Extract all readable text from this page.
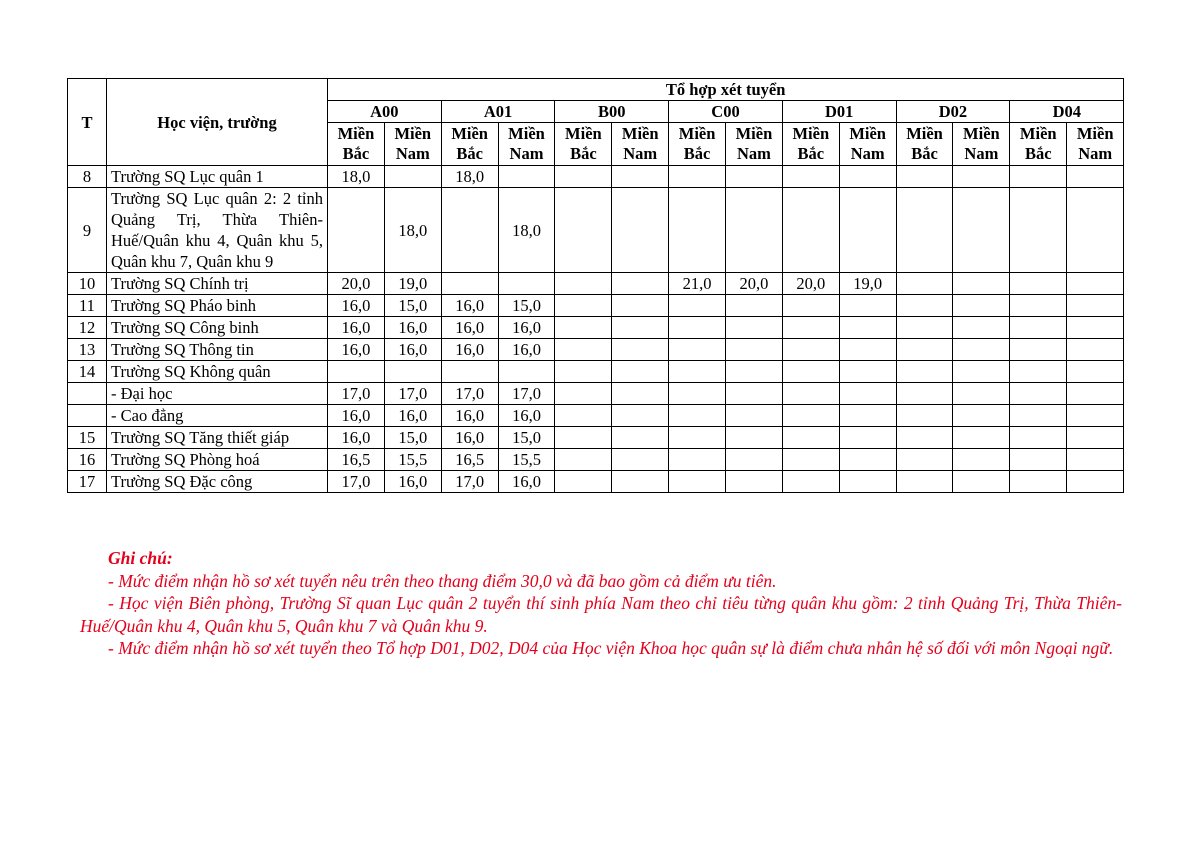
T	Học viện, trường	Tổ hợp xét tuyển													
		A00		A01		B00		C00		D01		D02		D04	
		Miền Bắc	Miền Nam	Miền Bắc	Miền Nam	Miền Bắc	Miền Nam	Miền Bắc	Miền Nam	Miền Bắc	Miền Nam	Miền Bắc	Miền Nam	Miền Bắc	Miền Nam
8	Trường SQ Lục quân 1	18,0		18,0											
9	Trường SQ Lục quân 2: 2 tỉnh Quảng Trị, Thừa Thiên-Huế/Quân khu 4, Quân khu 5, Quân khu 7, Quân khu 9		18,0		18,0										
10	Trường SQ Chính trị	20,0	19,0					21,0	20,0	20,0	19,0				
11	Trường SQ Pháo binh	16,0	15,0	16,0	15,0										
12	Trường SQ Công binh	16,0	16,0	16,0	16,0										
13	Trường SQ Thông tin	16,0	16,0	16,0	16,0										
14	Trường SQ Không quân														
	- Đại học	17,0	17,0	17,0	17,0										
	- Cao đẳng	16,0	16,0	16,0	16,0										
15	Trường SQ Tăng thiết giáp	16,0	15,0	16,0	15,0										
16	Trường SQ Phòng hoá	16,5	15,5	16,5	15,5										
17	Trường SQ Đặc công	17,0	16,0	17,0	16,0										
Ghi chú:
- Mức điểm nhận hồ sơ xét tuyển nêu trên theo thang điểm 30,0 và đã bao gồm cả điểm ưu tiên.
- Học viện Biên phòng, Trường Sĩ quan Lục quân 2 tuyển thí sinh phía Nam theo chỉ tiêu từng quân khu gồm: 2 tỉnh Quảng Trị, Thừa Thiên-Huế/Quân khu 4, Quân khu 5, Quân khu 7 và Quân khu 9.
- Mức điểm nhận hồ sơ xét tuyển theo Tổ hợp D01, D02, D04 của Học viện Khoa học quân sự là điểm chưa nhân hệ số đối với môn Ngoại ngữ.
